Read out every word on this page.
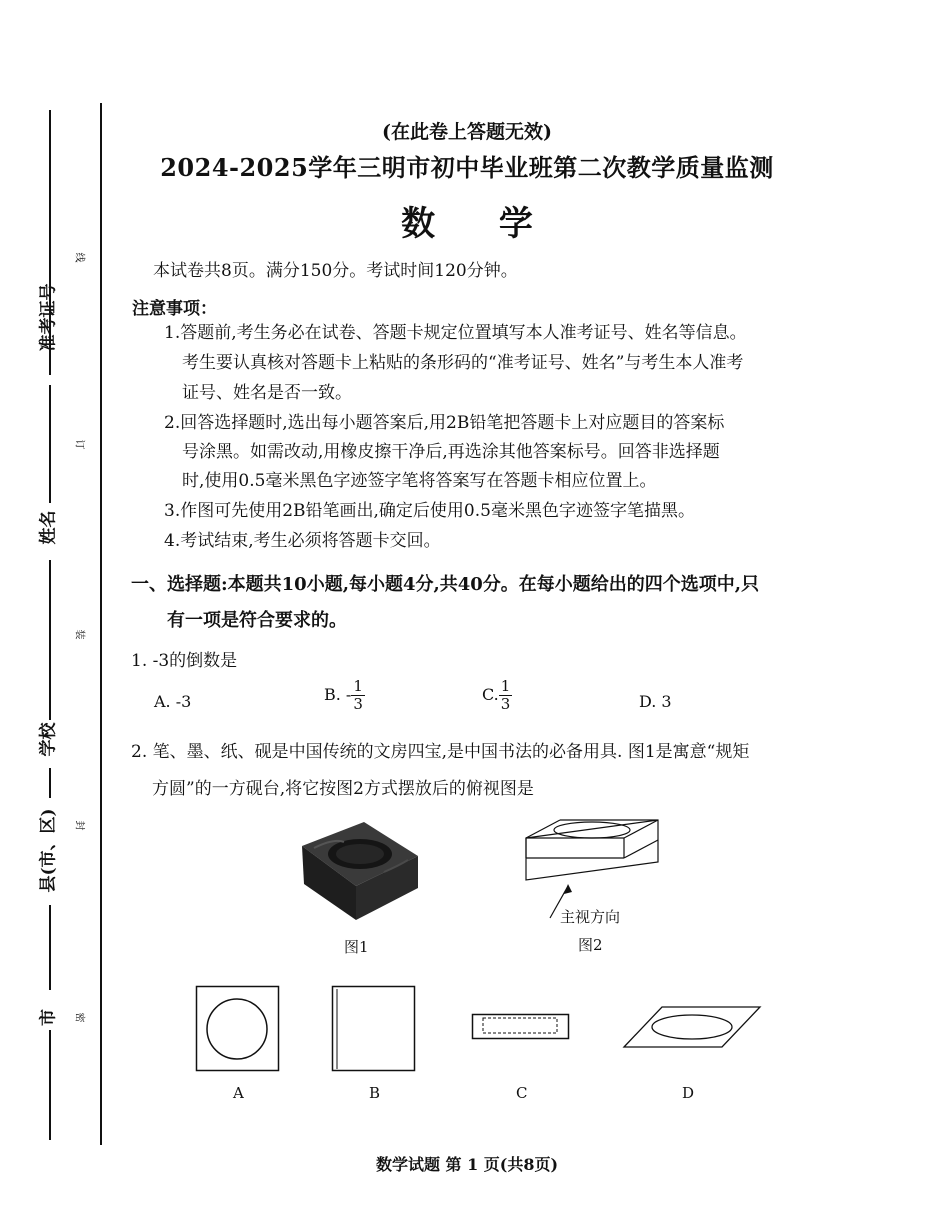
准考证号
姓名
学校
县(市、区)
市
线
订
装
封
密
(在此卷上答题无效)
2024-2025学年三明市初中毕业班第二次教学质量监测
数 学
本试卷共8页。满分150分。考试时间120分钟。
注意事项：
1.答题前,考生务必在试卷、答题卡规定位置填写本人准考证号、姓名等信息。
考生要认真核对答题卡上粘贴的条形码的“准考证号、姓名”与考生本人准考
证号、姓名是否一致。
2.回答选择题时,选出每小题答案后,用2B铅笔把答题卡上对应题目的答案标
号涂黑。如需改动,用橡皮擦干净后,再选涂其他答案标号。回答非选择题
时,使用0.5毫米黑色字迹签字笔将答案写在答题卡相应位置上。
3.作图可先使用2B铅笔画出,确定后使用0.5毫米黑色字迹签字笔描黑。
4.考试结束,考生必须将答题卡交回。
一、选择题:本题共10小题,每小题4分,共40分。在每小题给出的四个选项中,只
有一项是符合要求的。
1. -3的倒数是
A. -3	B. - $\frac{1}{3}$	C. $\frac{1}{3}$	D. 3
2. 笔、墨、纸、砚是中国传统的文房四宝,是中国书法的必备用具. 图1是寓意“规矩
方圆”的一方砚台,将它按图2方式摆放后的俯视图是
图1
主视方向
图2
A	B	C	D
数学试题 第 1 页(共8页)
